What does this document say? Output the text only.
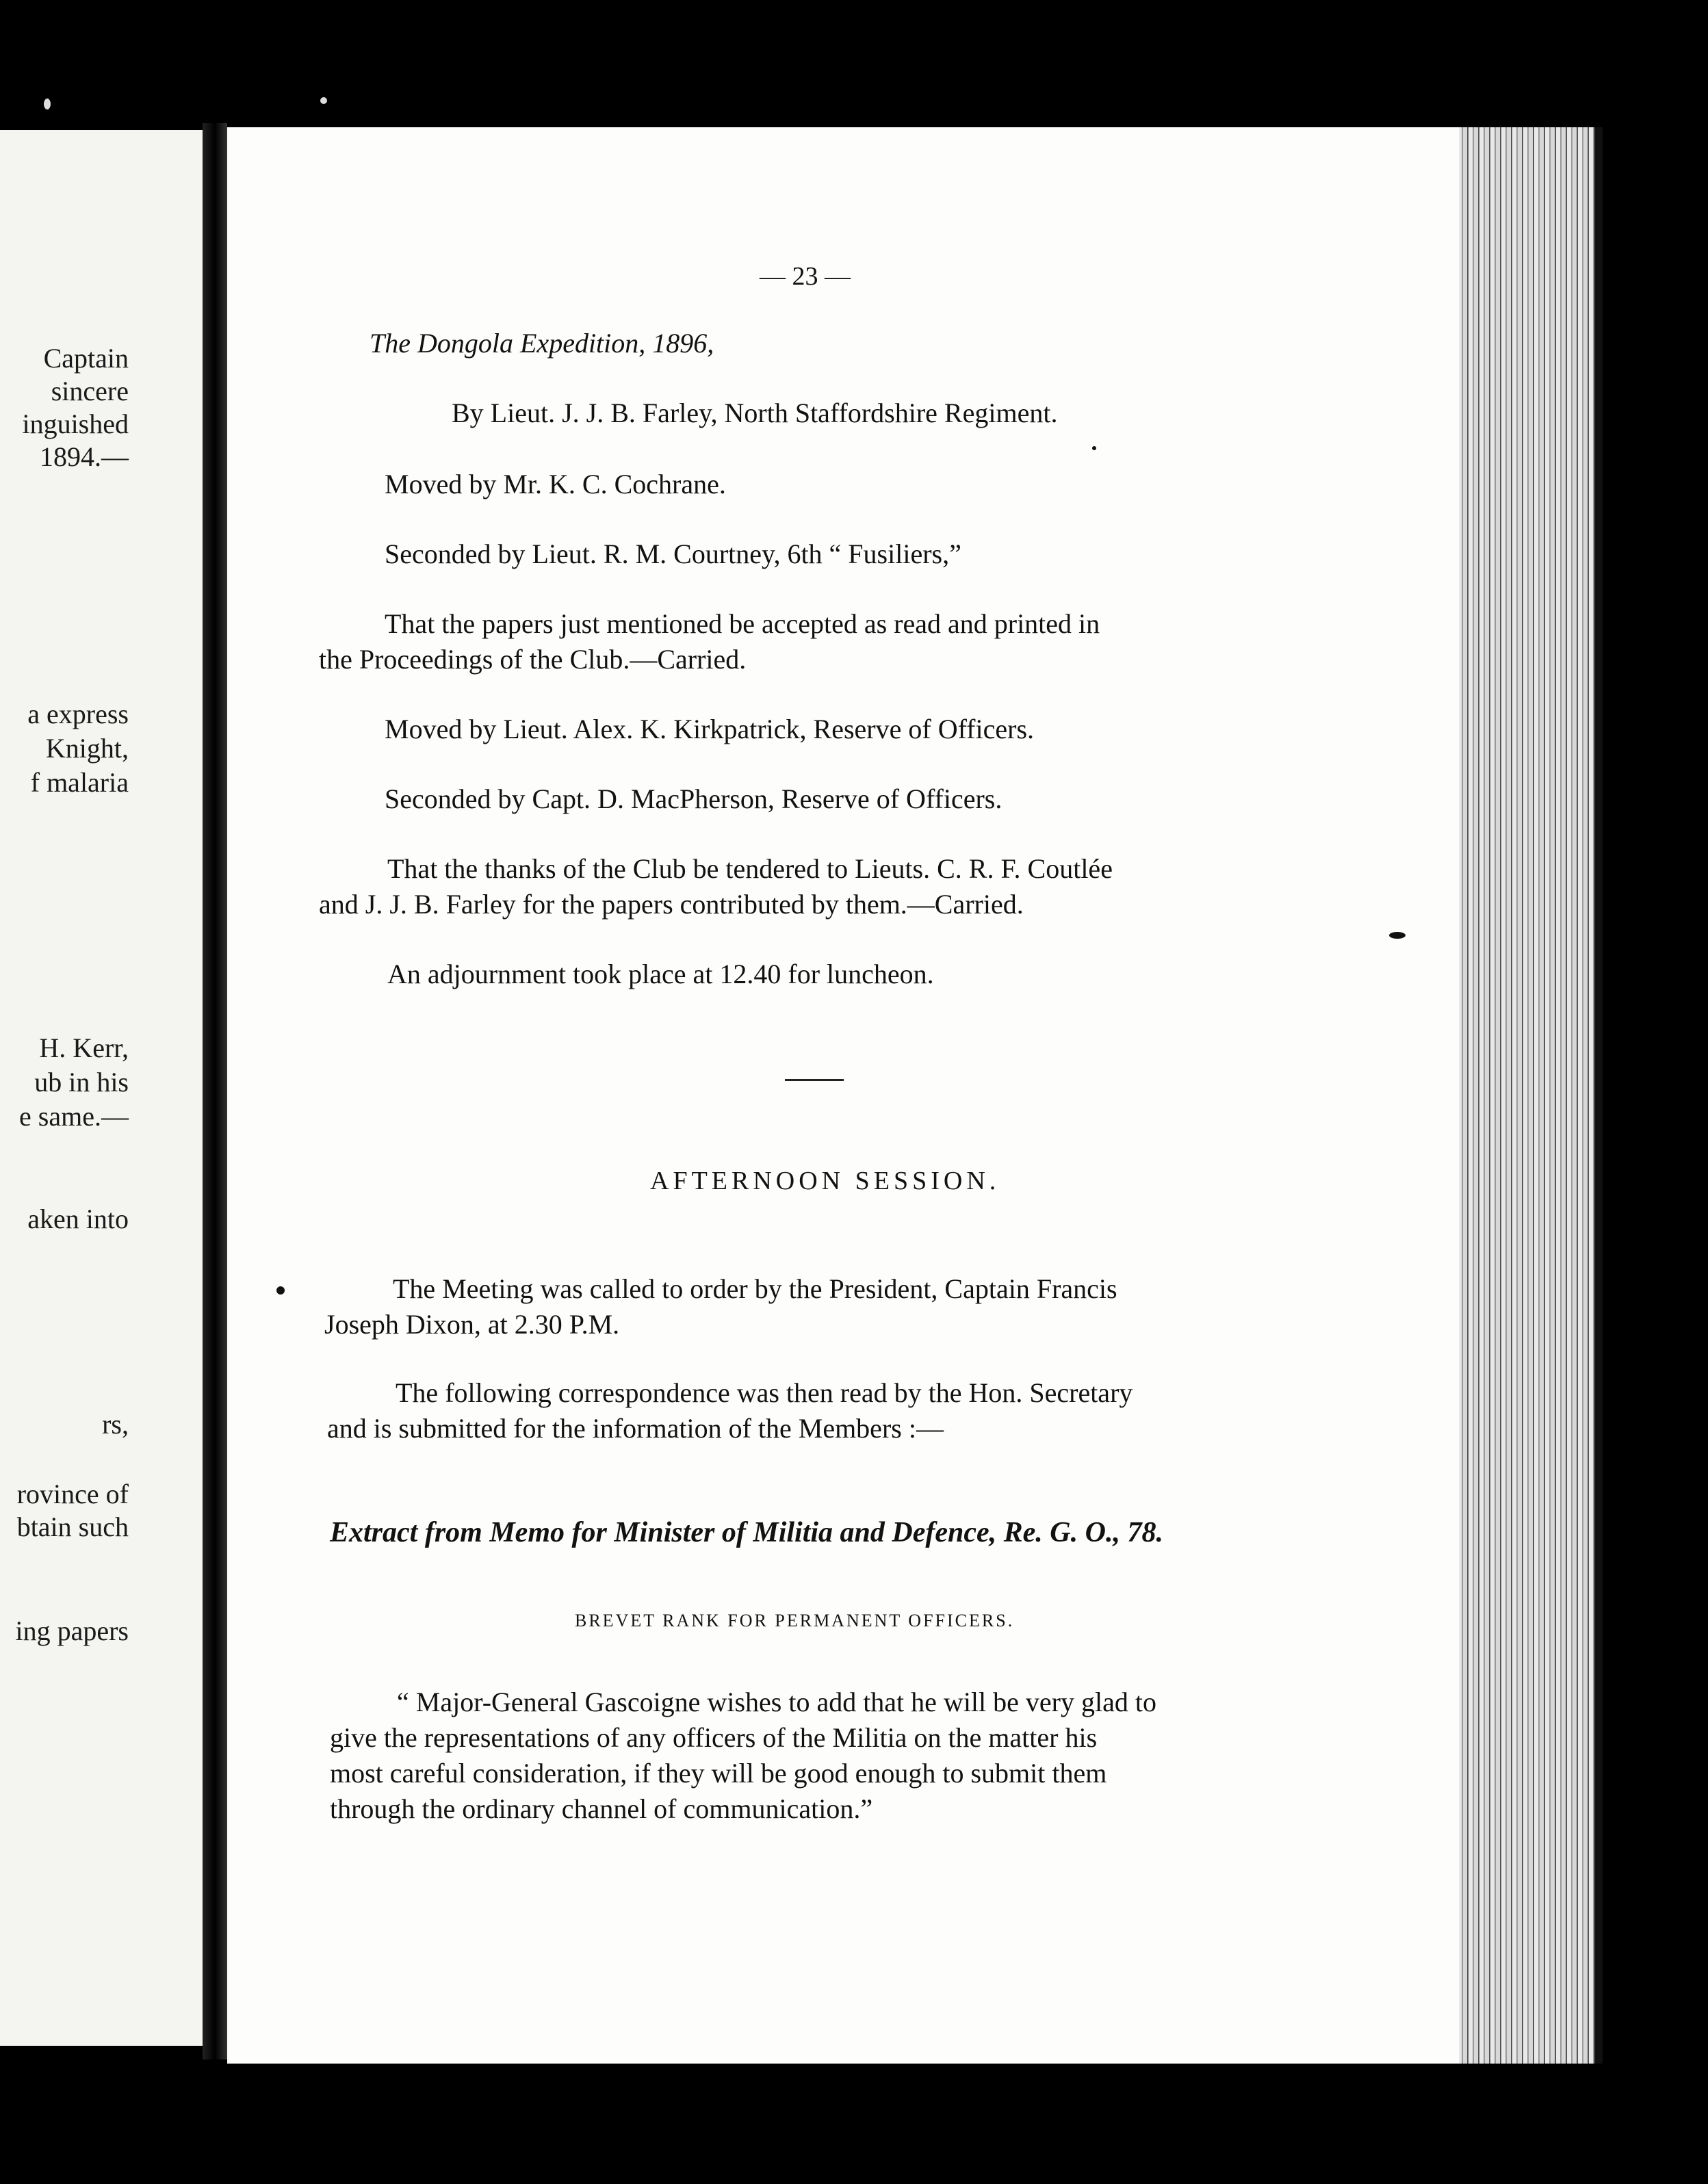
Captain
sincere
inguished
1894.—
a express
Knight,
f malaria
H. Kerr,
ub in his
e same.—
aken into
rs,
rovince of
btain such
ing papers
— 23 —
The Dongola Expedition, 1896,
By Lieut. J. J. B. Farley, North Staffordshire Regiment.
Moved by Mr. K. C. Cochrane.
Seconded by Lieut. R. M. Courtney, 6th “ Fusiliers,”
That the papers just mentioned be accepted as read and printed in
the Proceedings of the Club.—Carried.
Moved by Lieut. Alex. K. Kirkpatrick, Reserve of Officers.
Seconded by Capt. D. MacPherson, Reserve of Officers.
That the thanks of the Club be tendered to Lieuts. C. R. F. Coutlée
and J. J. B. Farley for the papers contributed by them.—Carried.
An adjournment took place at 12.40 for luncheon.
AFTERNOON SESSION.
The Meeting was called to order by the President, Captain Francis
Joseph Dixon, at 2.30 P.M.
The following correspondence was then read by the Hon. Secretary
and is submitted for the information of the Members :—
Extract from Memo for Minister of Militia and Defence, Re. G. O., 78.
BREVET RANK FOR PERMANENT OFFICERS.
“ Major-General Gascoigne wishes to add that he will be very glad to
give the representations of any officers of the Militia on the matter his
most careful consideration, if they will be good enough to submit them
through the ordinary channel of communication.”
